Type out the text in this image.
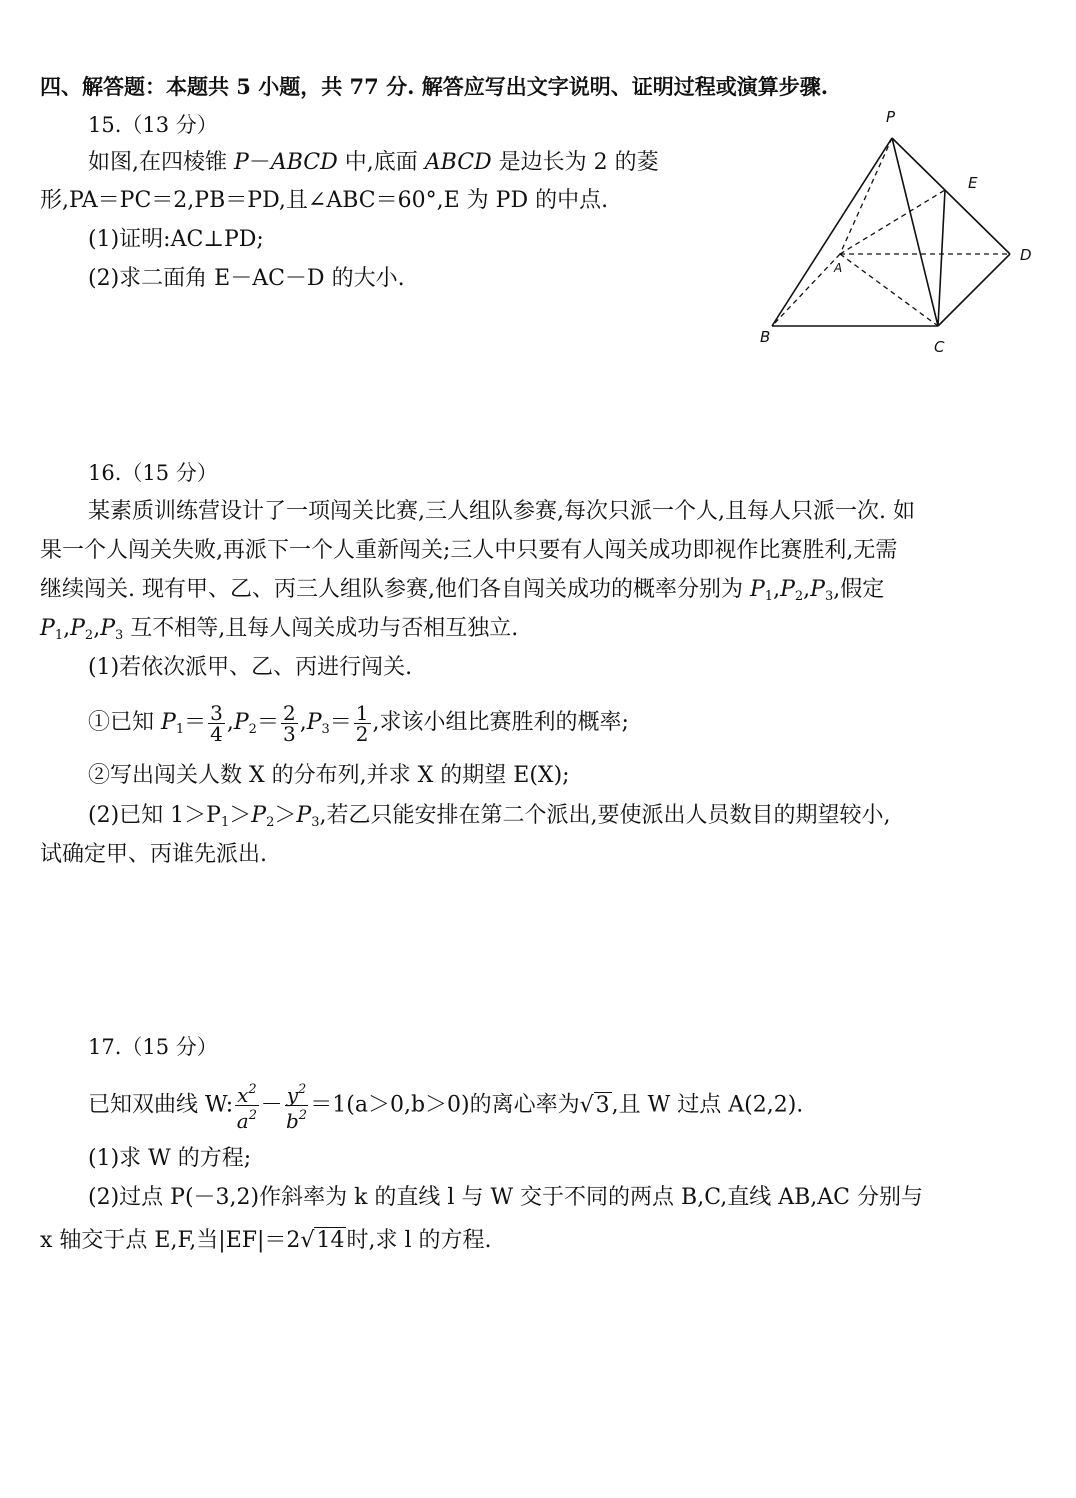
四、解答题：本题共 5 小题，共 77 分. 解答应写出文字说明、证明过程或演算步骤.
15.（13 分）
如图,在四棱锥 P－ABCD 中,底面 ABCD 是边长为 2 的菱
形,PA＝PC＝2,PB＝PD,且∠ABC＝60°,E 为 PD 的中点.
(1)证明:AC⊥PD;
(2)求二面角 E－AC－D 的大小.
P
E
A
D
B
C
16.（15 分）
某素质训练营设计了一项闯关比赛,三人组队参赛,每次只派一个人,且每人只派一次. 如
果一个人闯关失败,再派下一个人重新闯关;三人中只要有人闯关成功即视作比赛胜利,无需
继续闯关. 现有甲、乙、丙三人组队参赛,他们各自闯关成功的概率分别为 $P_1,P_2,P_3$,假定
$P_1,P_2,P_3$ 互不相等,且每人闯关成功与否相互独立.
(1)若依次派甲、乙、丙进行闯关.
①已知 $P_1= \frac{3}{4} ,P_2= \frac{2}{3} ,P_3= \frac{1}{2}$ ,求该小组比赛胜利的概率;
②写出闯关人数 X 的分布列,并求 X 的期望 E(X);
(2)已知 $1>P_1>P_2>P_3$,若乙只能安排在第二个派出,要使派出人员数目的期望较小,
试确定甲、丙谁先派出.
17.（15 分）
已知双曲线 W: $\frac{x^2}{a^2} - \frac{y^2}{b^2} =1(a>0,b>0)$的离心率为√3,且 W 过点 A(2,2).
(1)求 W 的方程;
(2)过点 P(－3,2)作斜率为 k 的直线 l 与 W 交于不同的两点 B,C,直线 AB,AC 分别与
x 轴交于点 E,F,当|EF|＝2√14时,求 l 的方程.
